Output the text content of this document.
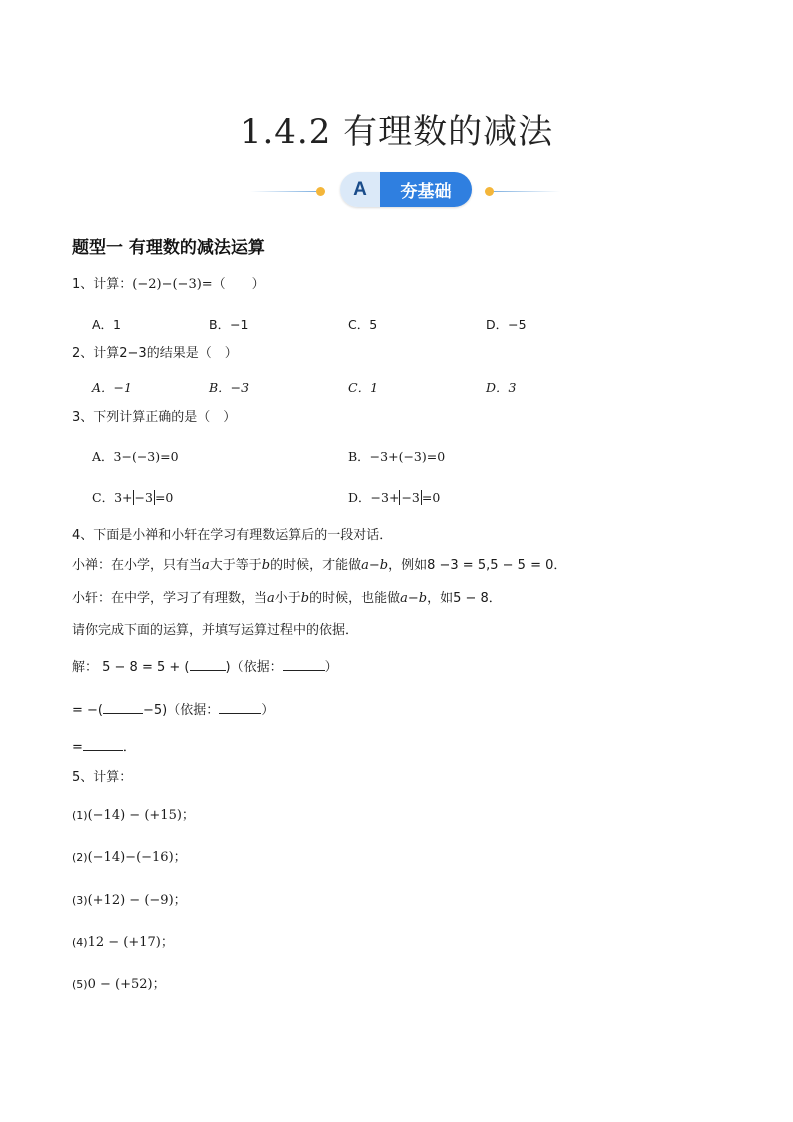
1.4.2 有理数的减法
A	夯基础
题型一 有理数的减法运算
1、计算：(−2)−(−3)=（　　）
A．1	B．−1	C．5	D．−5
2、计算2−3的结果是（　）
A．−1	B．−3	C．1	D．3
3、下列计算正确的是（　）
A．3−(−3)=0	B．−3+(−3)=0
C．3+ −3 =0	D．−3+ −3 =0
4、下面是小禅和小轩在学习有理数运算后的一段对话．
小禅：在小学，只有当a大于等于b的时候，才能做a−b，例如8 −3 = 5,5 − 5 = 0．
小轩：在中学，学习了有理数，当a小于b的时候，也能做a−b，如5 − 8．
请你完成下面的运算，并填写运算过程中的依据．
解： 5 − 8 = 5 + (	)（依据：	）
= −(	−5)（依据：	）
=	．
5、计算：
(1)(−14) − (+15)；
(2)(−14)−(−16)；
(3)(+12) − (−9)；
(4)12 − (+17)；
(5)0 − (+52)；
